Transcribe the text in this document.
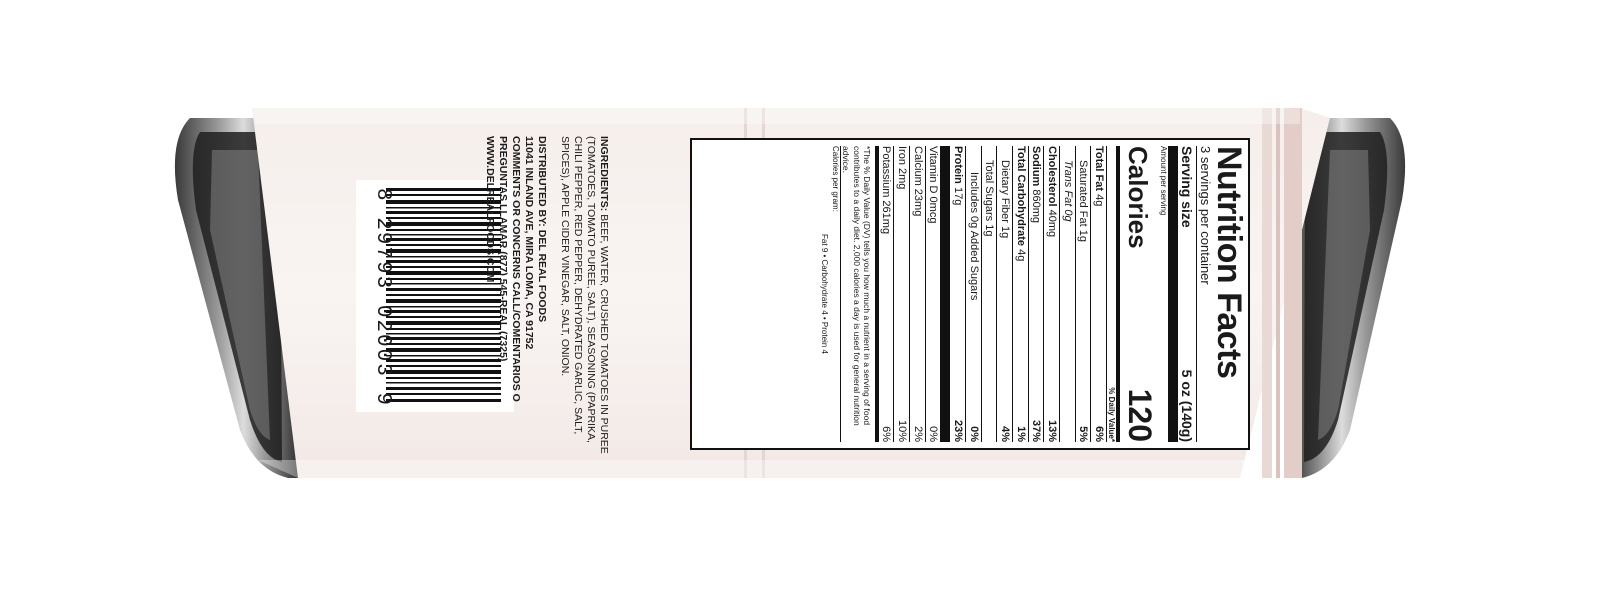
8 29793 02003 9

INGREDIENTS: BEEF, WATER, CRUSHED TOMATOES IN PUREE (TOMATOES, TOMATO PUREE, SALT), SEASONING (PAPRIKA, CHILI PEPPER, RED PEPPER, DEHYDRATED GARLIC, SALT, SPICES), APPLE CIDER VINEGAR, SALT, ONION.

DISTRIBUTED BY: DEL REAL FOODS
11041 INLAND AVE, MIRA LOMA, CA 91752
COMMENTS OR CONCERNS CALL/COMENTARIOS O PREGUNTAS LLAMAR (877) 545-REAL (7325)
WWW.DELREALFOODS.COM	Nutrition Facts
3 servings per container
Serving size
5 oz (140g)
Amount per serving
Calories
120
% Daily Value*
Total Fat 4g
6%
Saturated Fat 1g
5%
Trans Fat 0g
Cholesterol 40mg
13%
Sodium 860mg
37%
Total Carbohydrate 4g
1%
Dietary Fiber 1g
4%
Total Sugars 1g
Includes 0g Added Sugars
0%
Protein 17g
23%
Vitamin D 0mcg
0%
Calcium 23mg
2%
Iron 2mg
10%
Potassium 261mg
6%
*The % Daily Value (DV) tells you how much a nutrient in a serving of food contributes to a daily diet. 2,000 calories a day is used for general nutrition advice.
Calories per gram:
Fat 9 • Carbohydrate 4 • Protein 4
